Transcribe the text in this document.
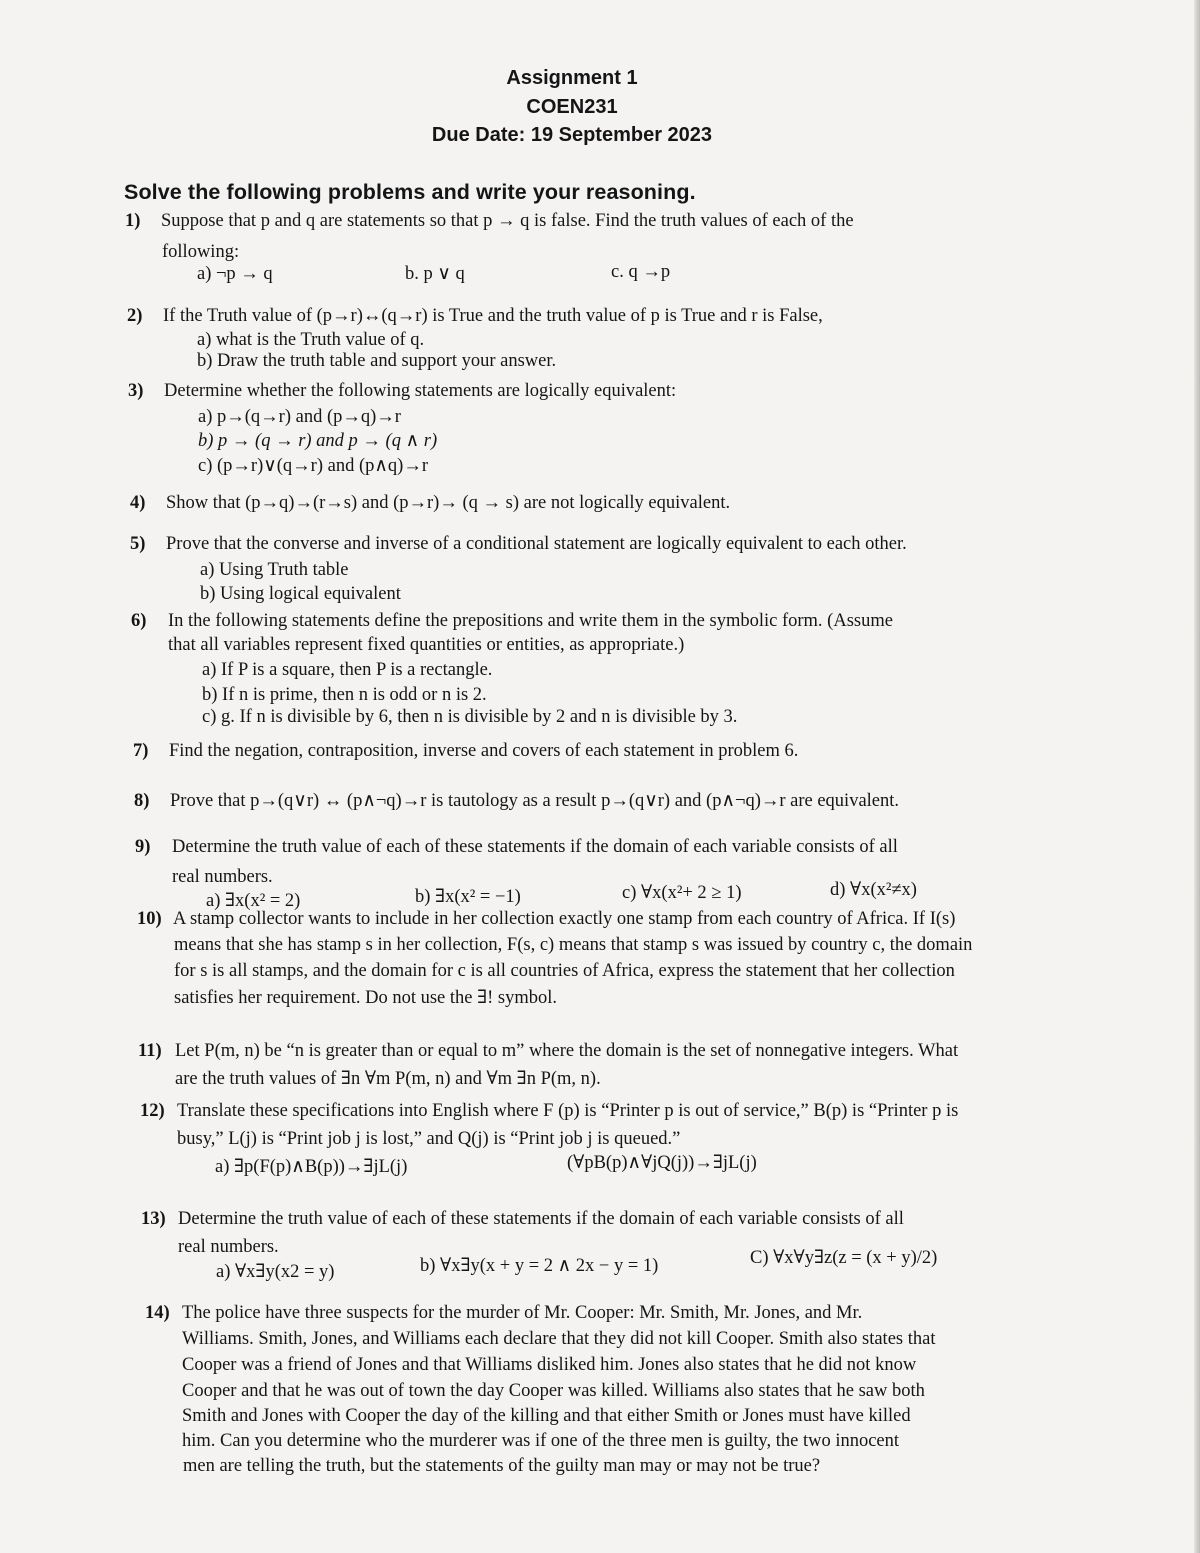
Assignment 1
COEN231
Due Date: 19 September 2023
Solve the following problems and write your reasoning.
1) Suppose that p and q are statements so that p → q is false. Find the truth values of each of the
following:
a) ¬p → q	b. p ∨ q	c. q →p
2) If the Truth value of (p→r)↔(q→r) is True and the truth value of p is True and r is False,
a) what is the Truth value of q.
b) Draw the truth table and support your answer.
3) Determine whether the following statements are logically equivalent:
a) p→(q→r) and (p→q)→r
b) p → (q → r) and p → (q ∧ r)
c) (p→r)∨(q→r) and (p∧q)→r
4) Show that (p→q)→(r→s) and (p→r)→ (q → s) are not logically equivalent.
5) Prove that the converse and inverse of a conditional statement are logically equivalent to each other.
a) Using Truth table
b) Using logical equivalent
6) In the following statements define the prepositions and write them in the symbolic form. (Assume
that all variables represent fixed quantities or entities, as appropriate.)
a) If P is a square, then P is a rectangle.
b) If n is prime, then n is odd or n is 2.
c) g. If n is divisible by 6, then n is divisible by 2 and n is divisible by 3.
7) Find the negation, contraposition, inverse and covers of each statement in problem 6.
8) Prove that p→(q∨r) ↔ (p∧¬q)→r is tautology as a result p→(q∨r) and (p∧¬q)→r are equivalent.
9) Determine the truth value of each of these statements if the domain of each variable consists of all
real numbers.
a) ∃x(x² = 2)	b) ∃x(x² = −1)	c) ∀x(x²+ 2 ≥ 1)	d) ∀x(x²≠x)
10) A stamp collector wants to include in her collection exactly one stamp from each country of Africa. If I(s)
means that she has stamp s in her collection, F(s, c) means that stamp s was issued by country c, the domain
for s is all stamps, and the domain for c is all countries of Africa, express the statement that her collection
satisfies her requirement. Do not use the ∃! symbol.
11) Let P(m, n) be “n is greater than or equal to m” where the domain is the set of nonnegative integers. What
are the truth values of ∃n ∀m P(m, n) and ∀m ∃n P(m, n).
12) Translate these specifications into English where F (p) is “Printer p is out of service,” B(p) is “Printer p is
busy,” L(j) is “Print job j is lost,” and Q(j) is “Print job j is queued.”
a) ∃p(F(p)∧B(p))→∃jL(j)	(∀pB(p)∧∀jQ(j))→∃jL(j)
13) Determine the truth value of each of these statements if the domain of each variable consists of all
real numbers.
a) ∀x∃y(x2 = y)	b) ∀x∃y(x + y = 2 ∧ 2x − y = 1)	C) ∀x∀y∃z(z = (x + y)/2)
14) The police have three suspects for the murder of Mr. Cooper: Mr. Smith, Mr. Jones, and Mr.
Williams. Smith, Jones, and Williams each declare that they did not kill Cooper. Smith also states that
Cooper was a friend of Jones and that Williams disliked him. Jones also states that he did not know
Cooper and that he was out of town the day Cooper was killed. Williams also states that he saw both
Smith and Jones with Cooper the day of the killing and that either Smith or Jones must have killed
him. Can you determine who the murderer was if one of the three men is guilty, the two innocent
men are telling the truth, but the statements of the guilty man may or may not be true?
